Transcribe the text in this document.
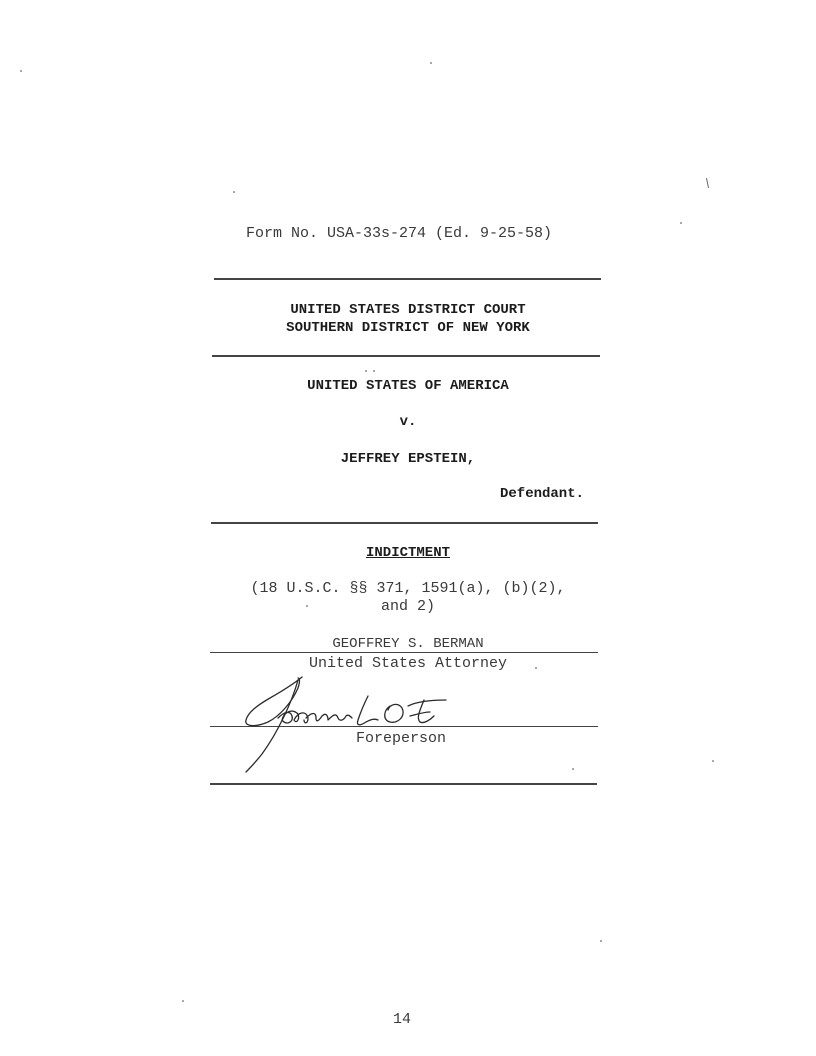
Form No. USA-33s-274 (Ed. 9-25-58)
UNITED STATES DISTRICT COURT
SOUTHERN DISTRICT OF NEW YORK
UNITED STATES OF AMERICA
v.
JEFFREY EPSTEIN,
Defendant.
INDICTMENT
(18 U.S.C. §§ 371, 1591(a), (b)(2),
and 2)
GEOFFREY S. BERMAN
United States Attorney
Foreperson
14
